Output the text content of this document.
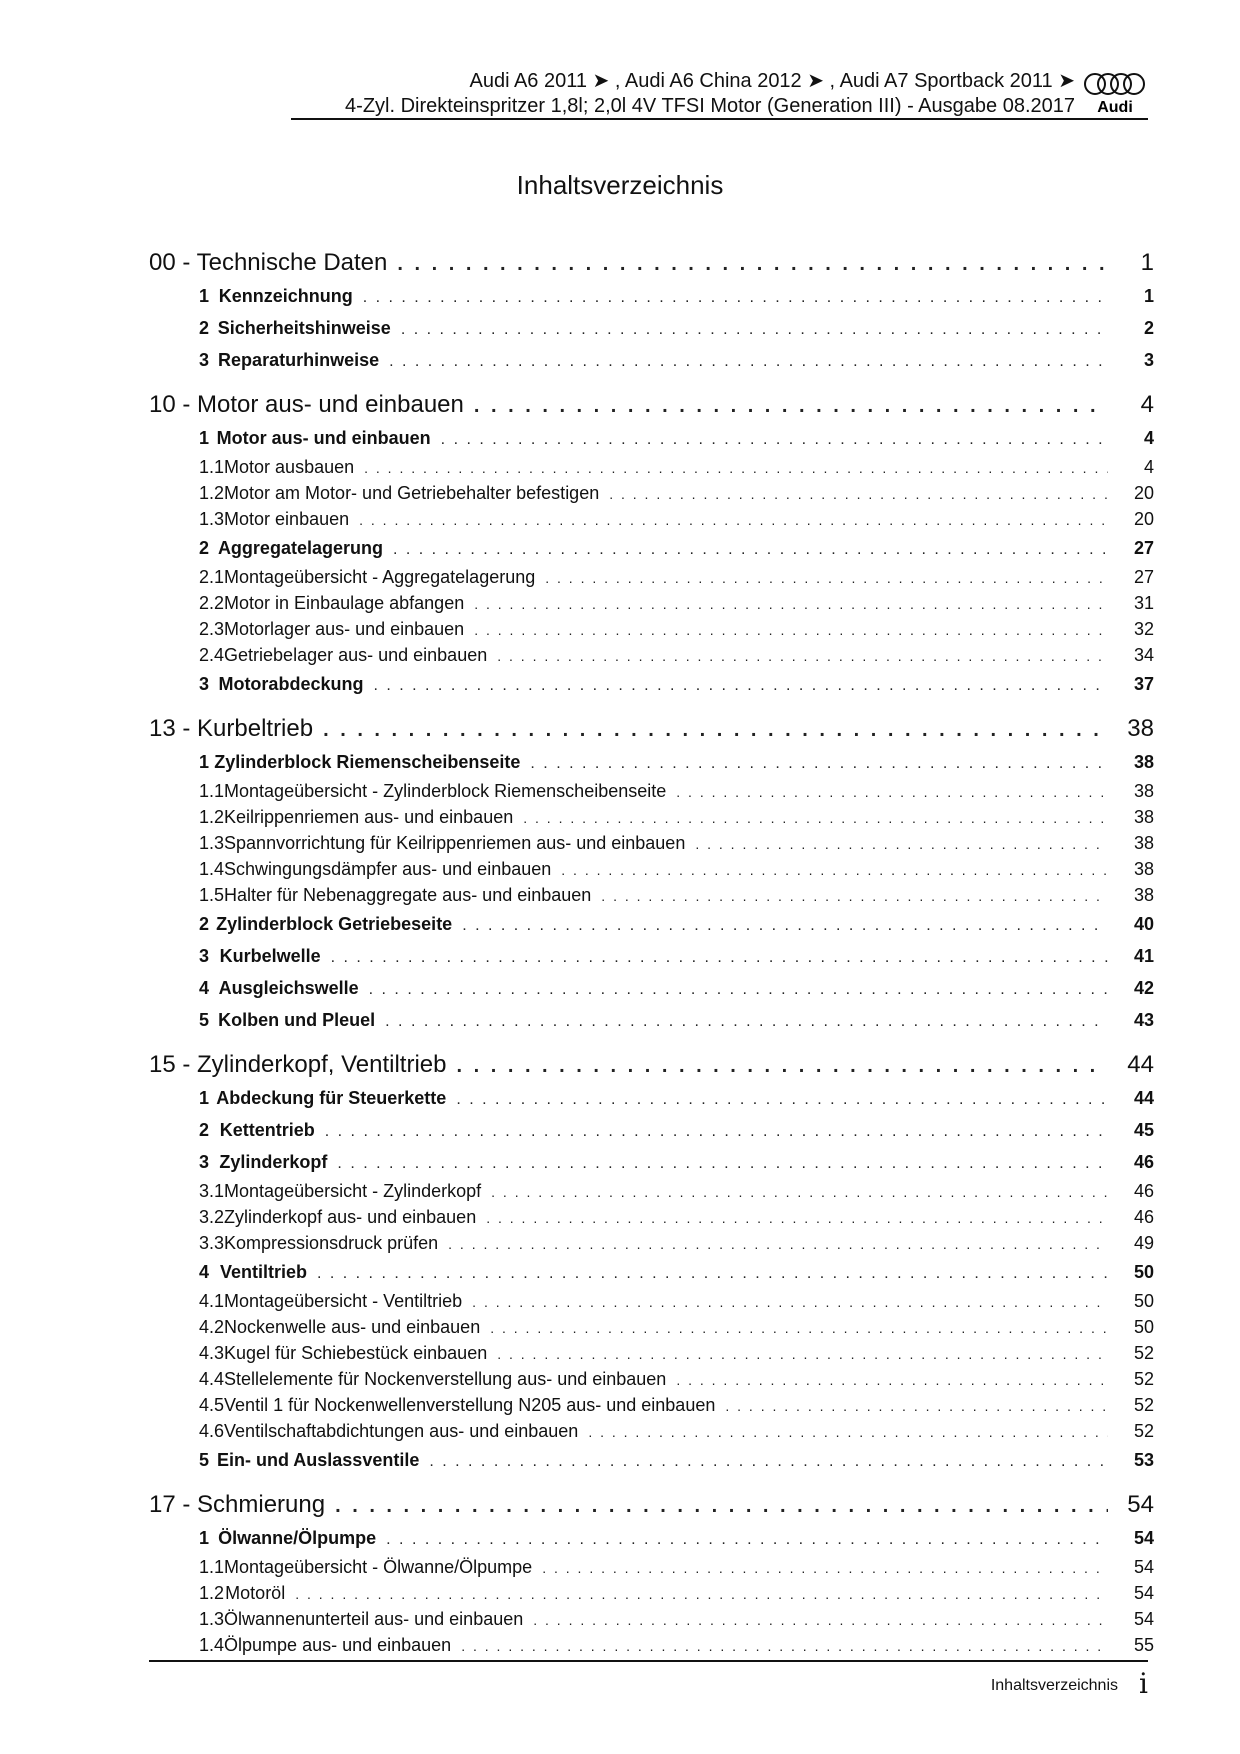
Audi A6 2011 ➤ , Audi A6 China 2012 ➤ , Audi A7 Sportback 2011 ➤
4-Zyl. Direkteinspritzer 1,8l; 2,0l 4V TFSI Motor (Generation III) - Ausgabe 08.2017 Audi
Inhaltsverzeichnis
00 - Technische Daten . . .	1
1 Kennzeichnung . . .	1
2 Sicherheitshinweise . . .	2
3 Reparaturhinweise . . .	3
10 - Motor aus- und einbauen . . .	4
1 Motor aus- und einbauen . . .	4
1.1 Motor ausbauen . . .	4
1.2 Motor am Motor- und Getriebehalter befestigen . . .	20
1.3 Motor einbauen . . .	20
2 Aggregatelagerung . . .	27
2.1 Montageübersicht - Aggregatelagerung . . .	27
2.2 Motor in Einbaulage abfangen . . .	31
2.3 Motorlager aus- und einbauen . . .	32
2.4 Getriebelager aus- und einbauen . . .	34
3 Motorabdeckung . . .	37
13 - Kurbeltrieb . . .	38
1 Zylinderblock Riemenscheibenseite . . .	38
1.1 Montageübersicht - Zylinderblock Riemenscheibenseite . . .	38
1.2 Keilrippenriemen aus- und einbauen . . .	38
1.3 Spannvorrichtung für Keilrippenriemen aus- und einbauen . . .	38
1.4 Schwingungsdämpfer aus- und einbauen . . .	38
1.5 Halter für Nebenaggregate aus- und einbauen . . .	38
2 Zylinderblock Getriebeseite . . .	40
3 Kurbelwelle . . .	41
4 Ausgleichswelle . . .	42
5 Kolben und Pleuel . . .	43
15 - Zylinderkopf, Ventiltrieb . . .	44
1 Abdeckung für Steuerkette . . .	44
2 Kettentrieb . . .	45
3 Zylinderkopf . . .	46
3.1 Montageübersicht - Zylinderkopf . . .	46
3.2 Zylinderkopf aus- und einbauen . . .	46
3.3 Kompressionsdruck prüfen . . .	49
4 Ventiltrieb . . .	50
4.1 Montageübersicht - Ventiltrieb . . .	50
4.2 Nockenwelle aus- und einbauen . . .	50
4.3 Kugel für Schiebestück einbauen . . .	52
4.4 Stellelemente für Nockenverstellung aus- und einbauen . . .	52
4.5 Ventil 1 für Nockenwellenverstellung N205 aus- und einbauen . . .	52
4.6 Ventilschaftabdichtungen aus- und einbauen . . .	52
5 Ein- und Auslassventile . . .	53
17 - Schmierung . . .	54
1 Ölwanne/Ölpumpe . . .	54
1.1 Montageübersicht - Ölwanne/Ölpumpe . . .	54
1.2 Motoröl . . .	54
1.3 Ölwannenunterteil aus- und einbauen . . .	54
1.4 Ölpumpe aus- und einbauen . . .	55
Inhaltsverzeichnis i
